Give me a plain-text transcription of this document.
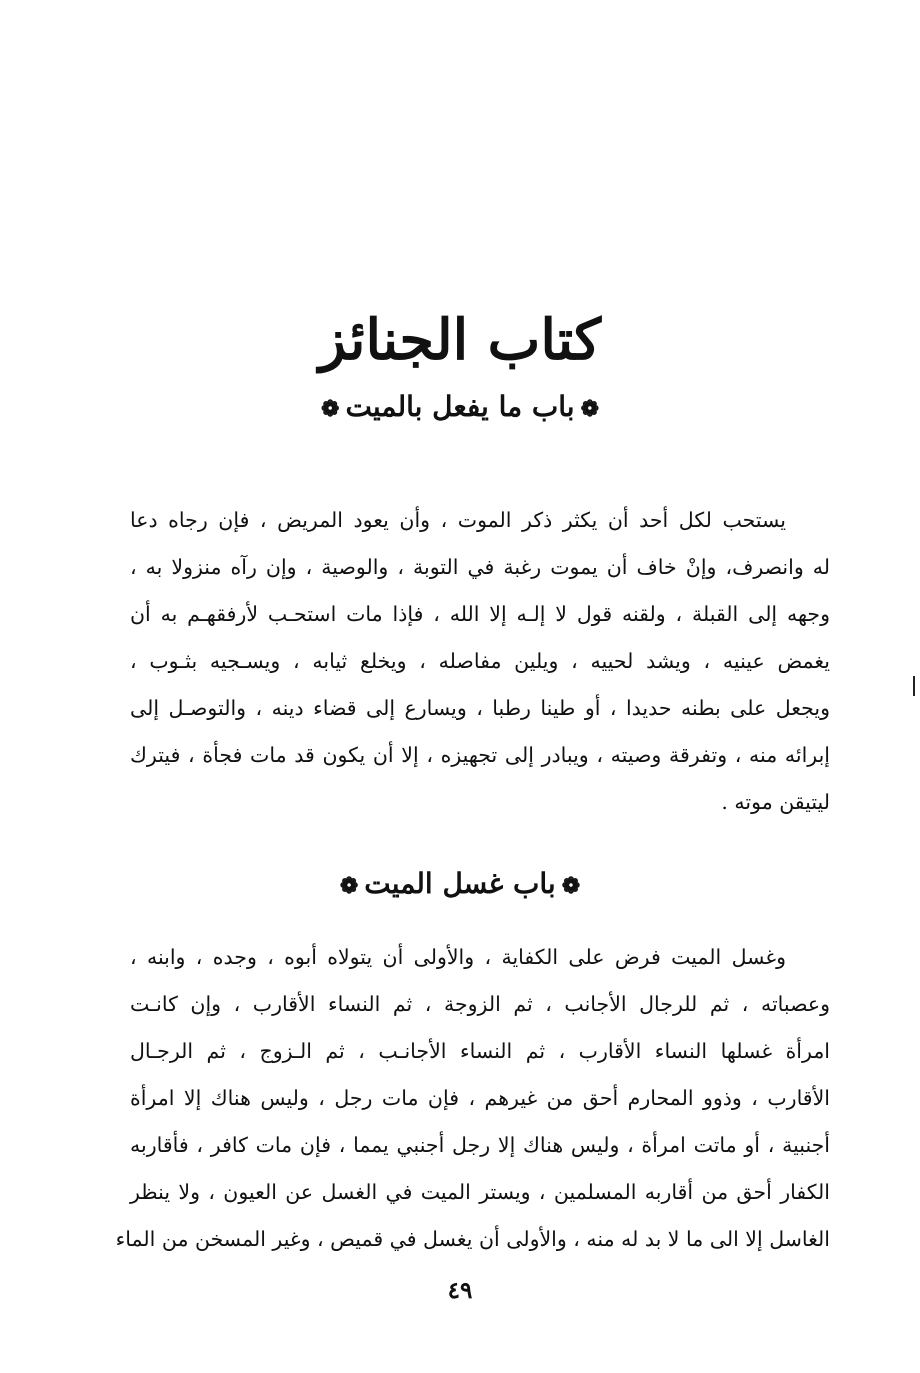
كتاب الجنائز
❁باب ما يفعل بالميت❁
يستحب لكل أحد أن يكثر ذكر الموت ، وأن يعود المريض ، فإن رجاه دعا
له وانصرف، وإنْ خاف أن يموت رغبة في التوبة ، والوصية ، وإن رآه منزولا به ،
وجهه إلى القبلة ، ولقنه قول لا إلـه إلا الله ، فإذا مات استحـب لأرفقهـم به أن
يغمض عينيه ، ويشد لحييه ، ويلين مفاصله ، ويخلع ثيابه ، ويسـجيه بثـوب ،
ويجعل على بطنه حديدا ، أو طينا رطبا ، ويسارع إلى قضاء دينه ، والتوصـل إلى
إبرائه منه ، وتفرقة وصيته ، ويبادر إلى تجهيزه ، إلا أن يكون قد مات فجأة ، فيترك
ليتيقن موته .
❁باب غسل الميت❁
وغسل الميت فرض على الكفاية ، والأولى أن يتولاه أبوه ، وجده ، وابنه ،
وعصباته ، ثم للرجال الأجانب ، ثم الزوجة ، ثم النساء الأقارب ، وإن كانـت
امرأة غسلها النساء الأقارب ، ثم النساء الأجانـب ، ثم الـزوج ، ثم الرجـال
الأقارب ، وذوو المحارم أحق من غيرهم ، فإن مات رجل ، وليس هناك إلا امرأة
أجنبية ، أو ماتت امرأة ، وليس هناك إلا رجل أجنبي يمما ، فإن مات كافر ، فأقاربه
الكفار أحق من أقاربه المسلمين ، ويستر الميت في الغسل عن العيون ، ولا ينظر
الغاسل إلا الى ما لا بد له منه ، والأولى أن يغسل في قميص ، وغير المسخن من الماء
٤٩
